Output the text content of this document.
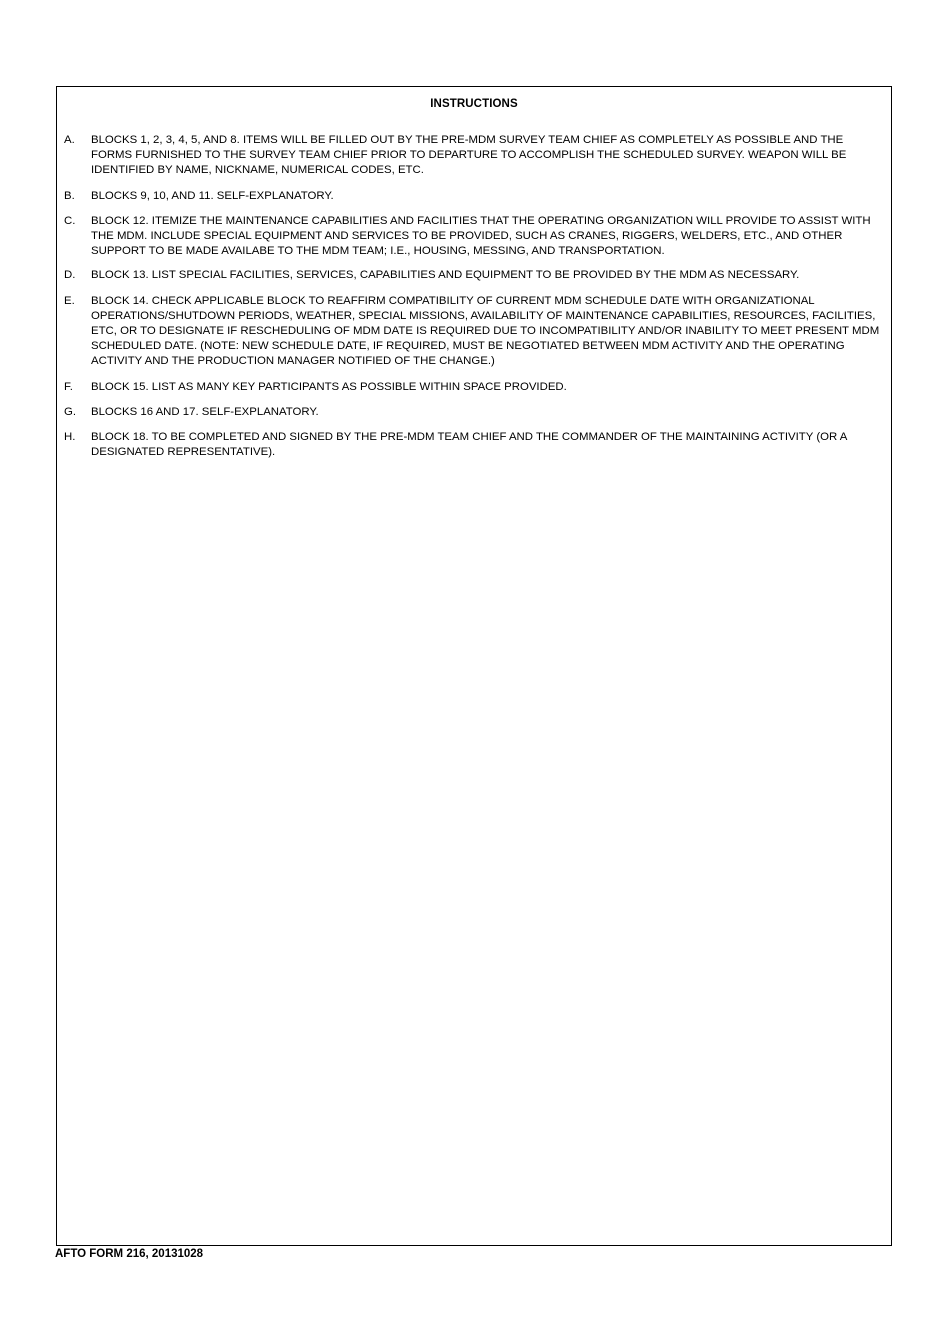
INSTRUCTIONS
A.	BLOCKS 1, 2, 3, 4, 5, AND 8. ITEMS WILL BE FILLED OUT BY THE PRE-MDM SURVEY TEAM CHIEF AS COMPLETELY AS POSSIBLE AND THE FORMS FURNISHED TO THE SURVEY TEAM CHIEF PRIOR TO DEPARTURE TO ACCOMPLISH THE SCHEDULED SURVEY. WEAPON WILL BE IDENTIFIED BY NAME, NICKNAME, NUMERICAL CODES, ETC.
B.	BLOCKS 9, 10, AND 11. SELF-EXPLANATORY.
C.	BLOCK 12. ITEMIZE THE MAINTENANCE CAPABILITIES AND FACILITIES THAT THE OPERATING ORGANIZATION WILL PROVIDE TO ASSIST WITH THE MDM. INCLUDE SPECIAL EQUIPMENT AND SERVICES TO BE PROVIDED, SUCH AS CRANES, RIGGERS, WELDERS, ETC., AND OTHER SUPPORT TO BE MADE AVAILABE TO THE MDM TEAM; I.E., HOUSING, MESSING, AND TRANSPORTATION.
D.	BLOCK 13. LIST SPECIAL FACILITIES, SERVICES, CAPABILITIES AND EQUIPMENT TO BE PROVIDED BY THE MDM AS NECESSARY.
E.	BLOCK 14. CHECK APPLICABLE BLOCK TO REAFFIRM COMPATIBILITY OF CURRENT MDM SCHEDULE DATE WITH ORGANIZATIONAL OPERATIONS/SHUTDOWN PERIODS, WEATHER, SPECIAL MISSIONS, AVAILABILITY OF MAINTENANCE CAPABILITIES, RESOURCES, FACILITIES, ETC, OR TO DESIGNATE IF RESCHEDULING OF MDM DATE IS REQUIRED DUE TO INCOMPATIBILITY AND/OR INABILITY TO MEET PRESENT MDM SCHEDULED DATE. (NOTE: NEW SCHEDULE DATE, IF REQUIRED, MUST BE NEGOTIATED BETWEEN MDM ACTIVITY AND THE OPERATING ACTIVITY AND THE PRODUCTION MANAGER NOTIFIED OF THE CHANGE.)
F.	BLOCK 15. LIST AS MANY KEY PARTICIPANTS AS POSSIBLE WITHIN SPACE PROVIDED.
G.	BLOCKS 16 AND 17. SELF-EXPLANATORY.
H.	BLOCK 18. TO BE COMPLETED AND SIGNED BY THE PRE-MDM TEAM CHIEF AND THE COMMANDER OF THE MAINTAINING ACTIVITY (OR A DESIGNATED REPRESENTATIVE).
AFTO FORM 216, 20131028
